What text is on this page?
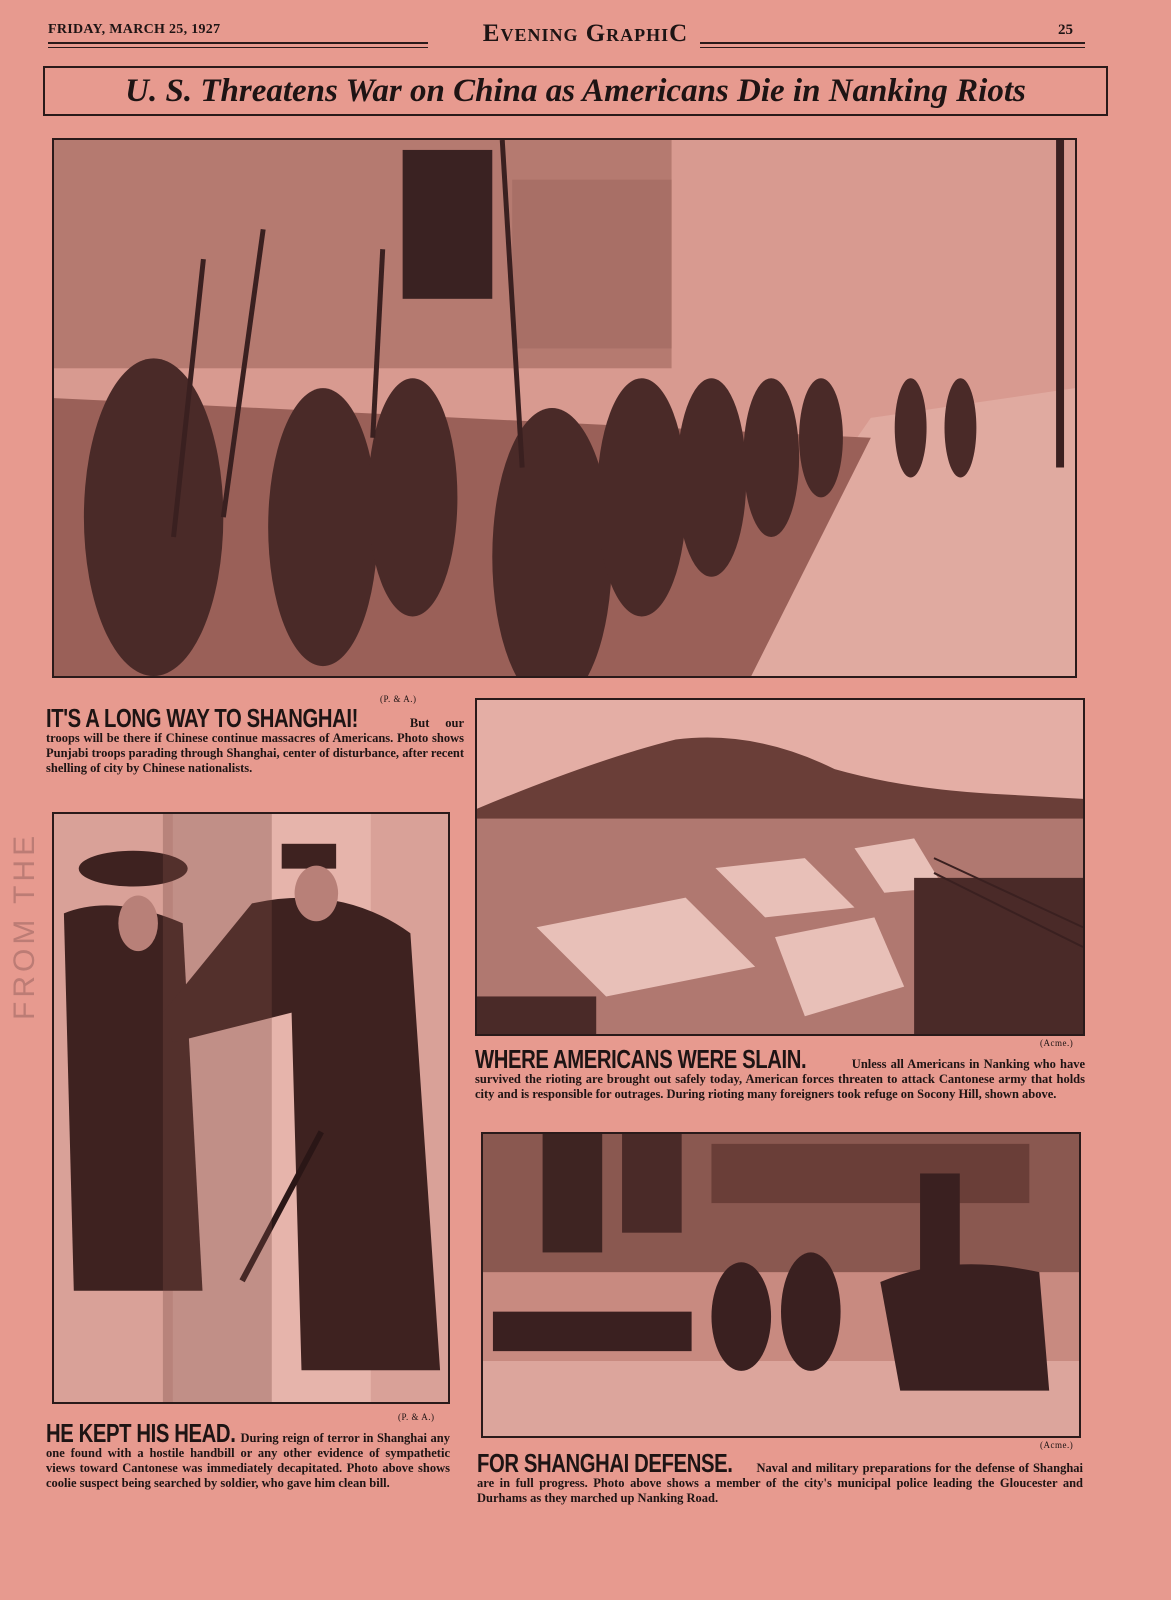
FRIDAY, MARCH 25, 1927	Evening GraphiC	25
U. S. Threatens War on China as Americans Die in Nanking Riots
(P. & A.)
IT'S A LONG WAY TO SHANGHAI!	But our troops will be there if Chinese continue massacres of Americans. Photo shows Punjabi troops parading through Shanghai, center of disturbance, after recent shelling of city by Chinese nationalists.
(Acme.)
WHERE AMERICANS WERE SLAIN.	Unless all Americans in Nanking who have survived the rioting are brought out safely today, American forces threaten to attack Cantonese army that holds city and is responsible for outrages. During rioting many foreigners took refuge on Socony Hill, shown above.
(P. & A.)
HE KEPT HIS HEAD. During reign of terror in Shanghai any one found with a hostile handbill or any other evidence of sympathetic views toward Cantonese was immediately decapitated. Photo above shows coolie suspect being searched by soldier, who gave him clean bill.
(Acme.)
FOR SHANGHAI DEFENSE. Naval and military preparations for the defense of Shanghai are in full progress. Photo above shows a member of the city's municipal police leading the Gloucester and Durhams as they marched up Nanking Road.
FROM THE
